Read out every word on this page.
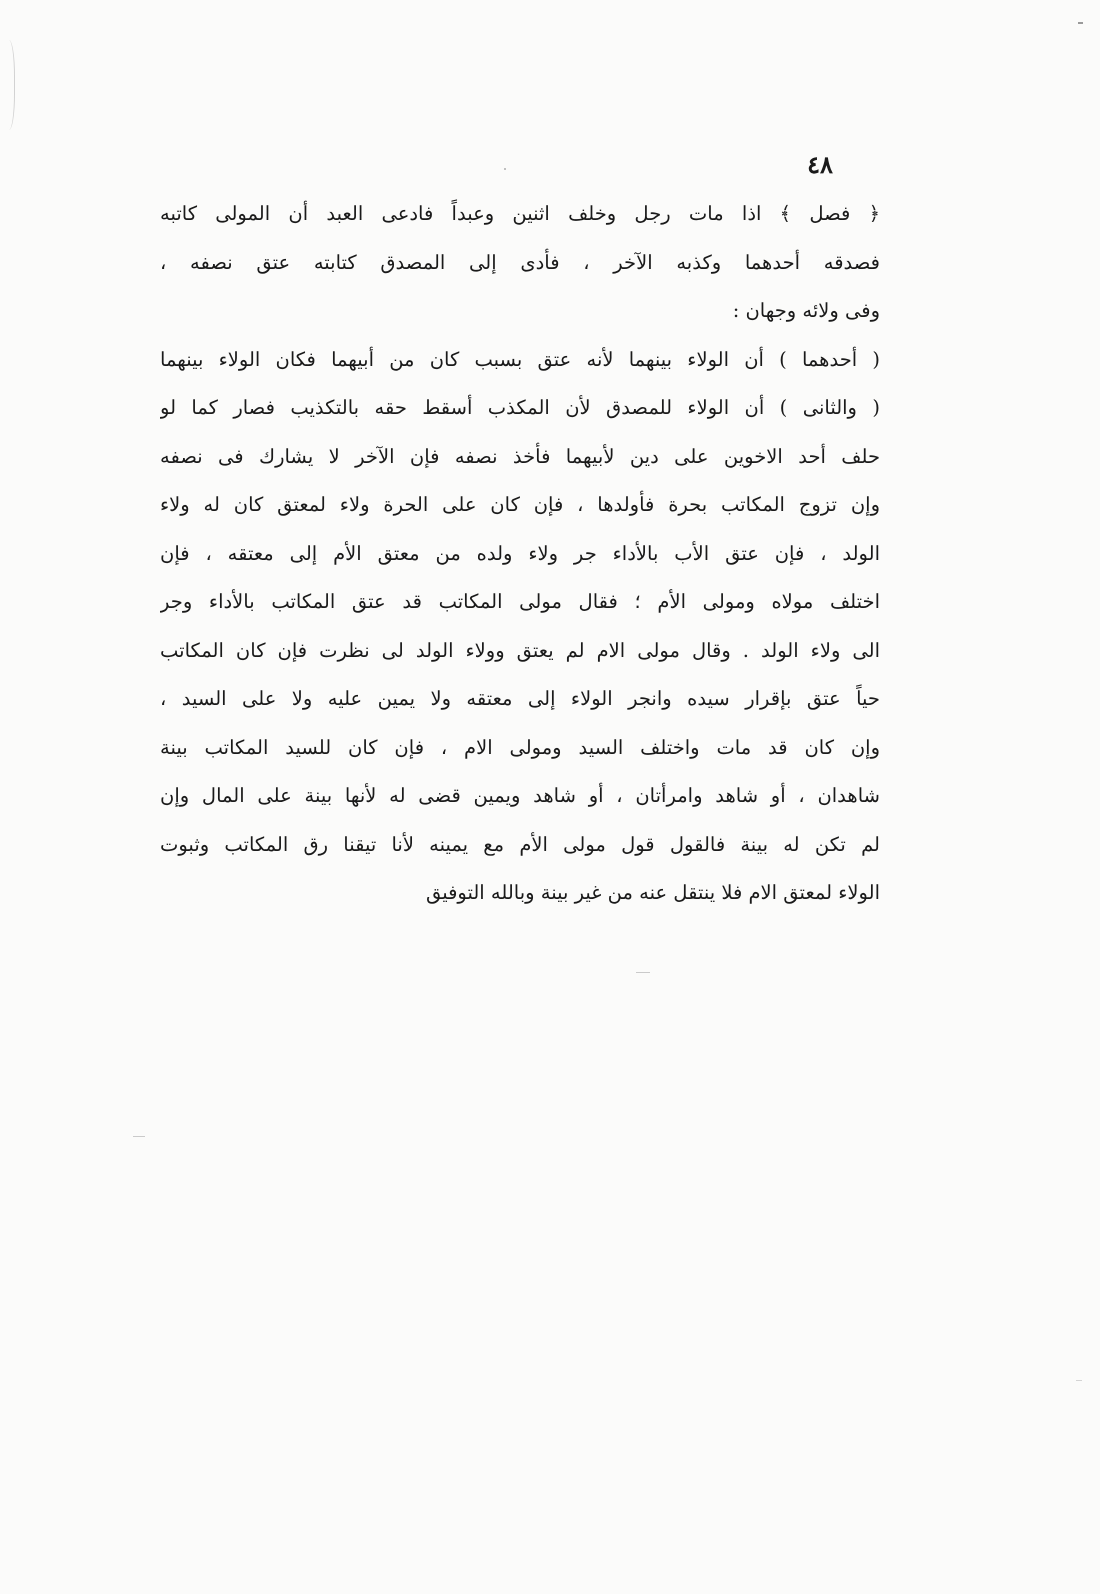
٤٨
﴿ فصل ﴾ اذا مات رجل وخلف اثنين وعبداً فادعى العبد أن المولى كاتبه
فصدقه أحدهما وكذبه الآخر ، فأدى إلى المصدق كتابته عتق نصفه ،
وفى ولائه وجهان :
( أحدهما ) أن الولاء بينهما لأنه عتق بسبب كان من أبيهما فكان الولاء بينهما
( والثانى ) أن الولاء للمصدق لأن المكذب أسقط حقه بالتكذيب فصار كما لو
حلف أحد الاخوين على دين لأبيهما فأخذ نصفه فإن الآخر لا يشارك فى نصفه
وإن تزوج المكاتب بحرة فأولدها ، فإن كان على الحرة ولاء لمعتق كان له ولاء
الولد ، فإن عتق الأب بالأداء جر ولاء ولده من معتق الأم إلى معتقه ، فإن
اختلف مولاه ومولى الأم ؛ فقال مولى المكاتب قد عتق المكاتب بالأداء وجر
الى ولاء الولد . وقال مولى الام لم يعتق وولاء الولد لى نظرت فإن كان المكاتب
حياً عتق بإقرار سيده وانجر الولاء إلى معتقه ولا يمين عليه ولا على السيد ،
وإن كان قد مات واختلف السيد ومولى الام ، فإن كان للسيد المكاتب بينة
شاهدان ، أو شاهد وامرأتان ، أو شاهد ويمين قضى له لأنها بينة على المال وإن
لم تكن له بينة فالقول قول مولى الأم مع يمينه لأنا تيقنا رق المكاتب وثبوت
الولاء لمعتق الام فلا ينتقل عنه من غير بينة وبالله التوفيق
